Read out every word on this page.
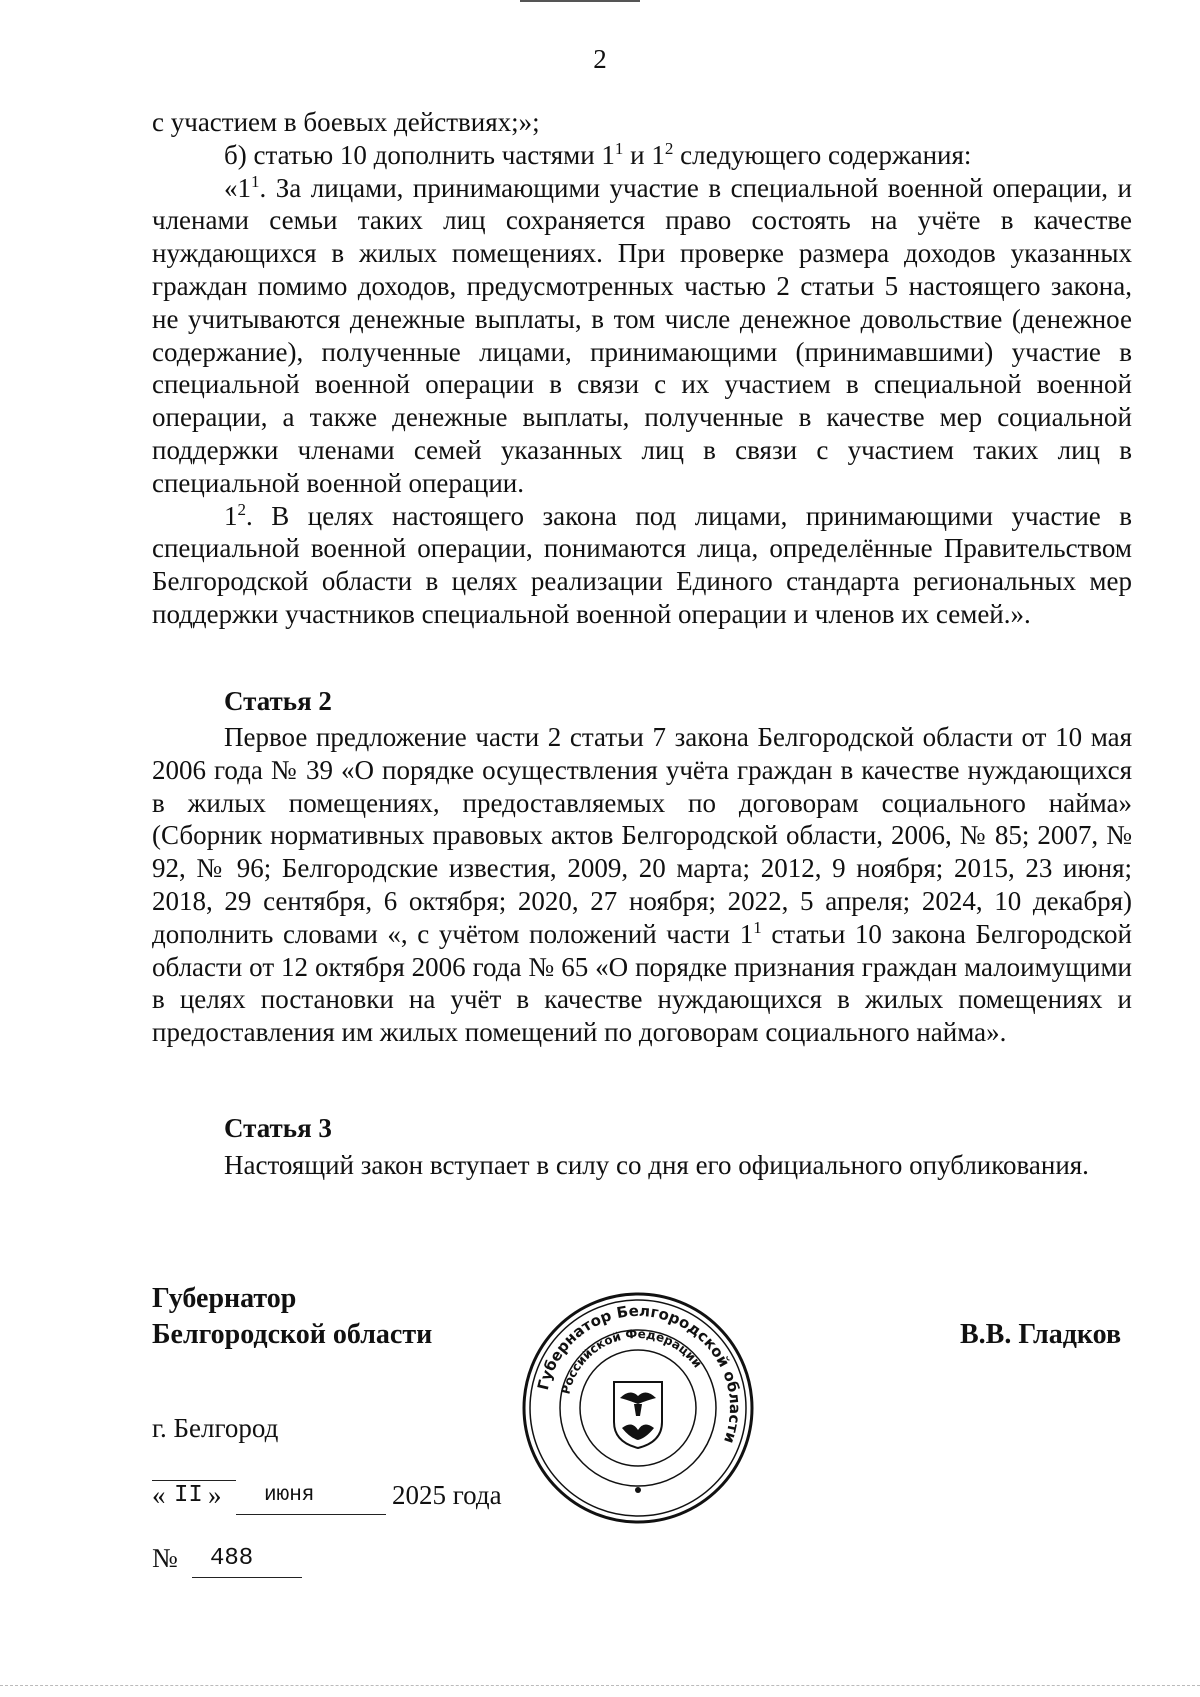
2

с участием в боевых действиях;»;

б) статью 10 дополнить частями $1^1$ и $1^2$ следующего содержания:

«$1^1$. За лицами, принимающими участие в специальной военной операции, и членами семьи таких лиц сохраняется право состоять на учёте в качестве нуждающихся в жилых помещениях. При проверке размера доходов указанных граждан помимо доходов, предусмотренных частью 2 статьи 5 настоящего закона, не учитываются денежные выплаты, в том числе денежное довольствие (денежное содержание), полученные лицами, принимающими (принимавшими) участие в специальной военной операции в связи с их участием в специальной военной операции, а также денежные выплаты, полученные в качестве мер социальной поддержки членами семей указанных лиц в связи с участием таких лиц в специальной военной операции.

$1^2$. В целях настоящего закона под лицами, принимающими участие в специальной военной операции, понимаются лица, определённые Правительством Белгородской области в целях реализации Единого стандарта региональных мер поддержки участников специальной военной операции и членов их семей.».

Статья 2

Первое предложение части 2 статьи 7 закона Белгородской области от 10 мая 2006 года № 39 «О порядке осуществления учёта граждан в качестве нуждающихся в жилых помещениях, предоставляемых по договорам социального найма» (Сборник нормативных правовых актов Белгородской области, 2006, № 85; 2007, № 92, № 96; Белгородские известия, 2009, 20 марта; 2012, 9 ноября; 2015, 23 июня; 2018, 29 сентября, 6 октября; 2020, 27 ноября; 2022, 5 апреля; 2024, 10 декабря) дополнить словами «, с учётом положений части $1^1$ статьи 10 закона Белгородской области от 12 октября 2006 года № 65 «О порядке признания граждан малоимущими в целях постановки на учёт в качестве нуждающихся в жилых помещениях и предоставления им жилых помещений по договорам социального найма».

Статья 3

Настоящий закон вступает в силу со дня его официального опубликования.

Губернатор
Белгородской области	В.В. Гладков
г. Белгород
« II » июня	2025 года
№ 488
Губернатор Белгородской области
Российской Федерации
